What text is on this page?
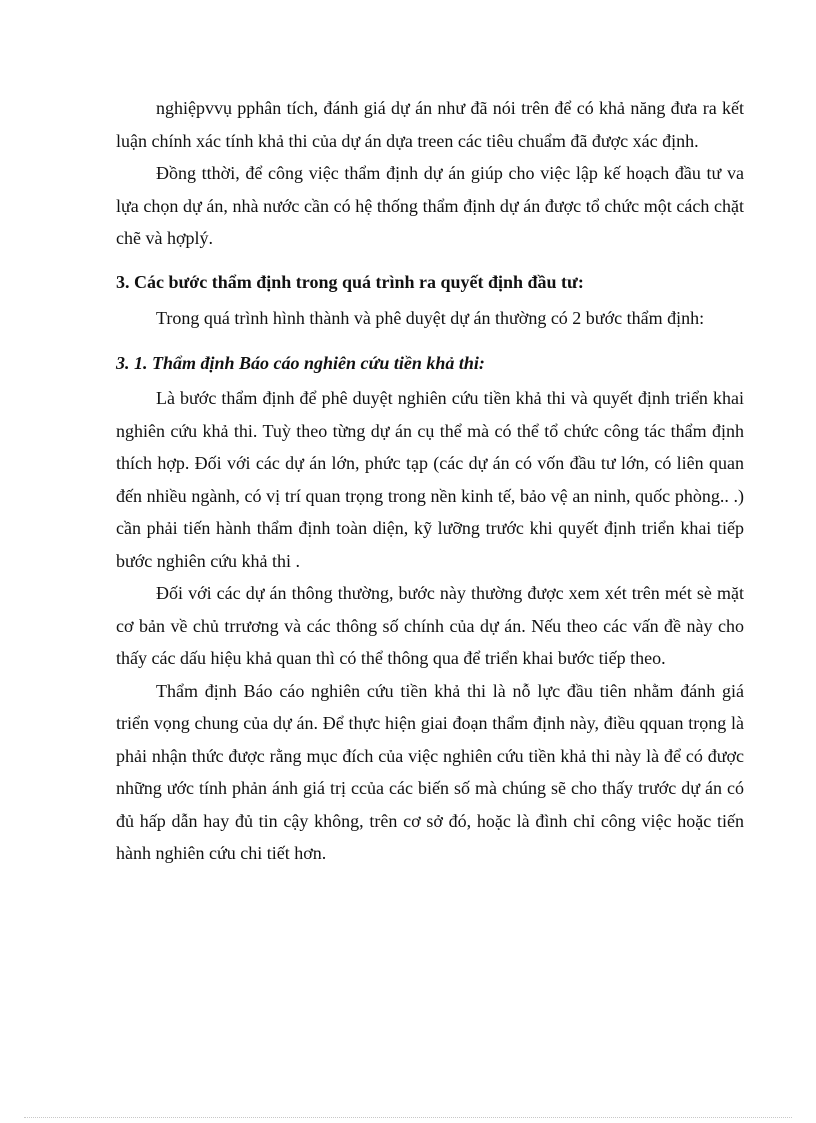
nghiệpvvụ pphân tích, đánh giá dự án như đã nói trên để có khả năng đưa ra kết luận chính xác tính khả thi của dự án dựa treen các tiêu chuẩm đã được xác định.

Đồng tthời, để công việc thẩm định dự án giúp cho việc lập kế hoạch đầu tư va lựa chọn dự án, nhà nước cần có hệ thống thẩm định dự án được tổ chức một cách chặt chẽ và hợplý.

3. Các bước thẩm định trong quá trình ra quyết định đầu tư:

Trong quá trình hình thành và phê duyệt dự án thường có 2 bước thẩm định:

3. 1. Thẩm định Báo cáo nghiên cứu tiền khả thi:

Là bước thẩm định để phê duyệt nghiên cứu tiền khả thi và quyết định triển khai nghiên cứu khả thi. Tuỳ theo từng dự án cụ thể mà có thể tổ chức công tác thẩm định thích hợp. Đối với các dự án lớn, phức tạp (các dự án có vốn đầu tư lớn, có liên quan đến nhiều ngành, có vị trí quan trọng trong nền kinh tế, bảo vệ an ninh, quốc phòng.. .) cần phải tiến hành thẩm định toàn diện, kỹ lưỡng trước khi quyết định triển khai tiếp bước nghiên cứu khả thi .

Đối với các dự án thông thường, bước này thường được xem xét trên mét sè mặt cơ bản về chủ trrương và các thông số chính của dự án. Nếu theo các vấn đề này cho thấy các dấu hiệu khả quan thì có thể thông qua để triển khai bước tiếp theo.

Thẩm định Báo cáo nghiên cứu tiền khả thi là nỗ lực đầu tiên nhằm đánh giá triển vọng chung của dự án. Để thực hiện giai đoạn thẩm định này, điều qquan trọng là phải nhận thức được rằng mục đích của việc nghiên cứu tiền khả thi này là để có được những ước tính phản ánh giá trị ccủa các biến số mà chúng sẽ cho thấy trước dự án có đủ hấp dẫn hay đủ tin cậy không, trên cơ sở đó, hoặc là đình chỉ công việc hoặc tiến hành nghiên cứu chi tiết hơn.
